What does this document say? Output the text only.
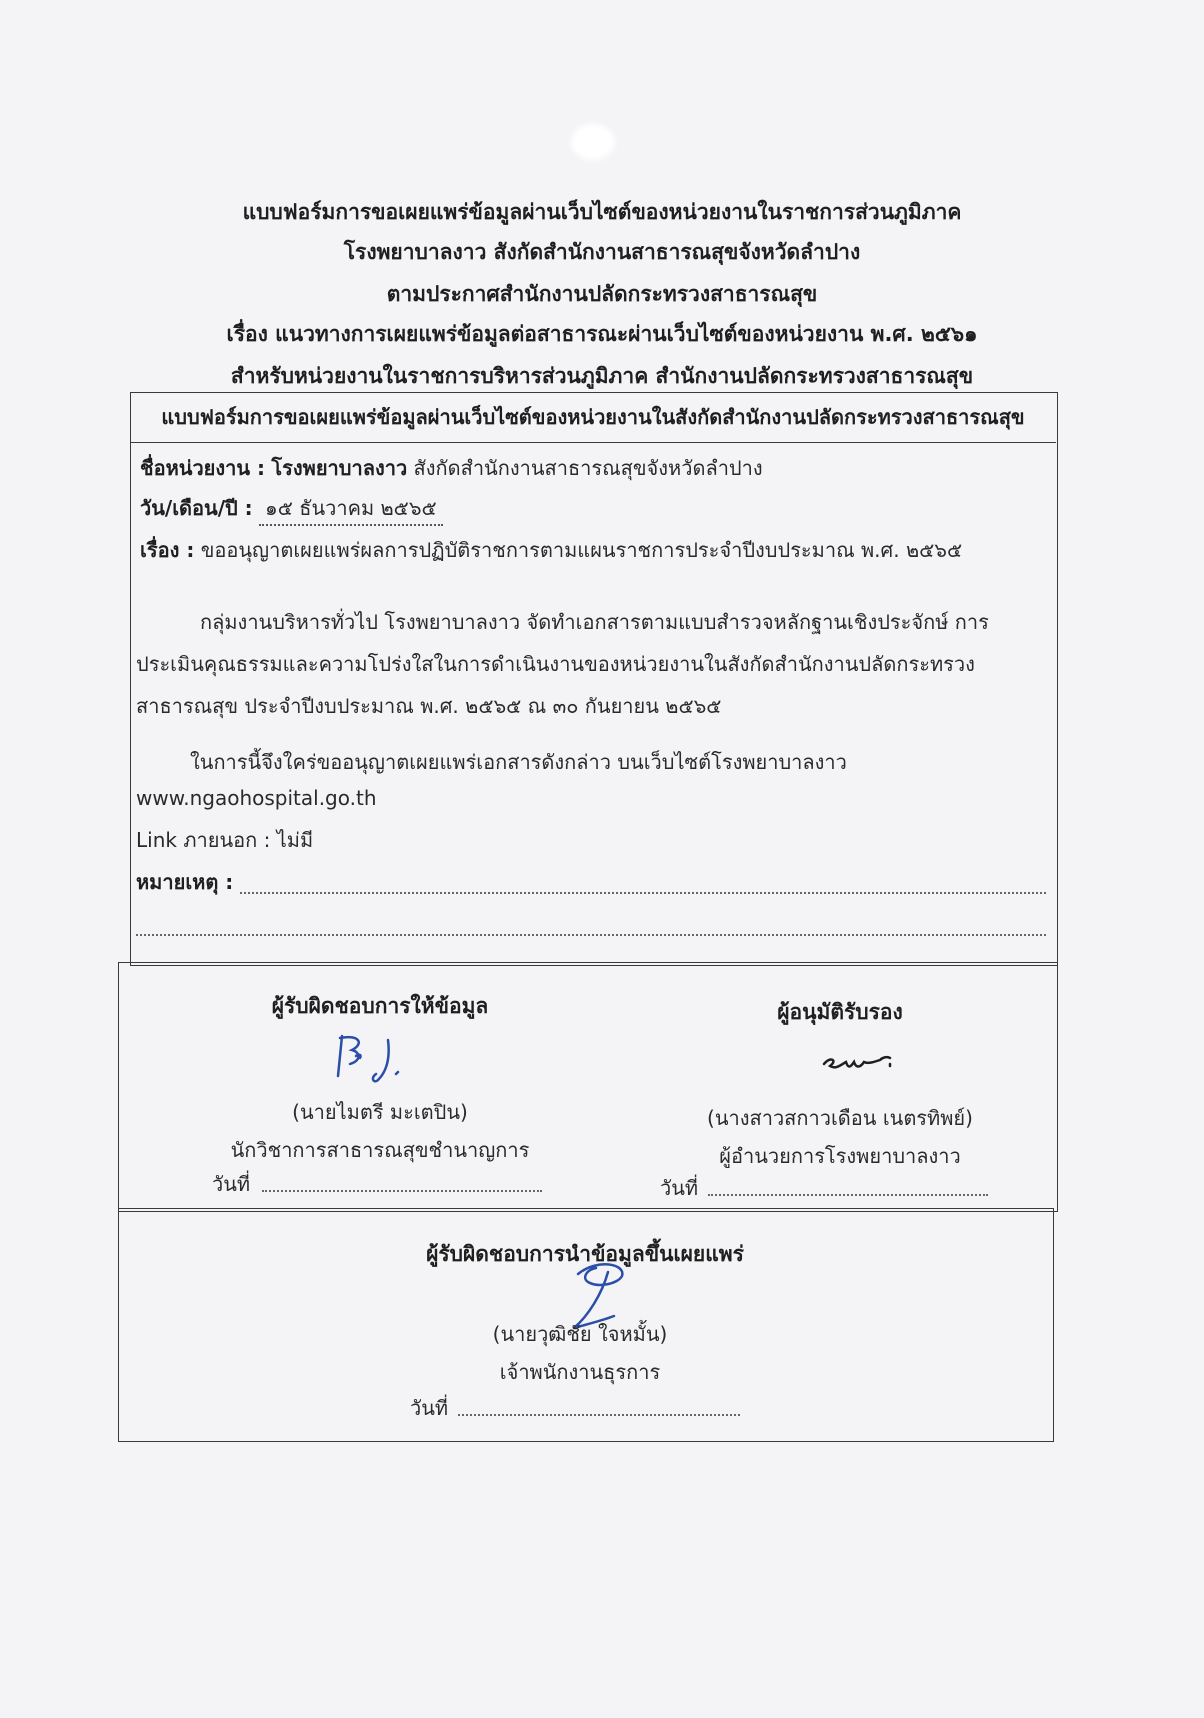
แบบฟอร์มการขอเผยแพร่ข้อมูลผ่านเว็บไซต์ของหน่วยงานในราชการส่วนภูมิภาค
โรงพยาบาลงาว สังกัดสำนักงานสาธารณสุขจังหวัดลำปาง
ตามประกาศสำนักงานปลัดกระทรวงสาธารณสุข
เรื่อง แนวทางการเผยแพร่ข้อมูลต่อสาธารณะผ่านเว็บไซต์ของหน่วยงาน พ.ศ. ๒๕๖๑
สำหรับหน่วยงานในราชการบริหารส่วนภูมิภาค สำนักงานปลัดกระทรวงสาธารณสุข
แบบฟอร์มการขอเผยแพร่ข้อมูลผ่านเว็บไซต์ของหน่วยงานในสังกัดสำนักงานปลัดกระทรวงสาธารณสุข
ชื่อหน่วยงาน : โรงพยาบาลงาว สังกัดสำนักงานสาธารณสุขจังหวัดลำปาง
วัน/เดือน/ปี : ๑๕ ธันวาคม ๒๕๖๕
เรื่อง : ขออนุญาตเผยแพร่ผลการปฏิบัติราชการตามแผนราชการประจำปีงบประมาณ พ.ศ. ๒๕๖๕
กลุ่มงานบริหารทั่วไป โรงพยาบาลงาว จัดทำเอกสารตามแบบสำรวจหลักฐานเชิงประจักษ์ การ
ประเมินคุณธรรมและความโปร่งใสในการดำเนินงานของหน่วยงานในสังกัดสำนักงานปลัดกระทรวง
สาธารณสุข ประจำปีงบประมาณ พ.ศ. ๒๕๖๕ ณ ๓๐ กันยายน ๒๕๖๕
ในการนี้จึงใคร่ขออนุญาตเผยแพร่เอกสารดังกล่าว บนเว็บไซต์โรงพยาบาลงาว
www.ngaohospital.go.th
Link ภายนอก : ไม่มี
หมายเหตุ :
ผู้รับผิดชอบการให้ข้อมูล
(นายไมตรี มะเตปิน)
นักวิชาการสาธารณสุขชำนาญการ
วันที่
ผู้อนุมัติรับรอง
(นางสาวสกาวเดือน เนตรทิพย์)
ผู้อำนวยการโรงพยาบาลงาว
วันที่
ผู้รับผิดชอบการนำข้อมูลขึ้นเผยแพร่
(นายวุฒิชัย ใจหมั้น)
เจ้าพนักงานธุรการ
วันที่
